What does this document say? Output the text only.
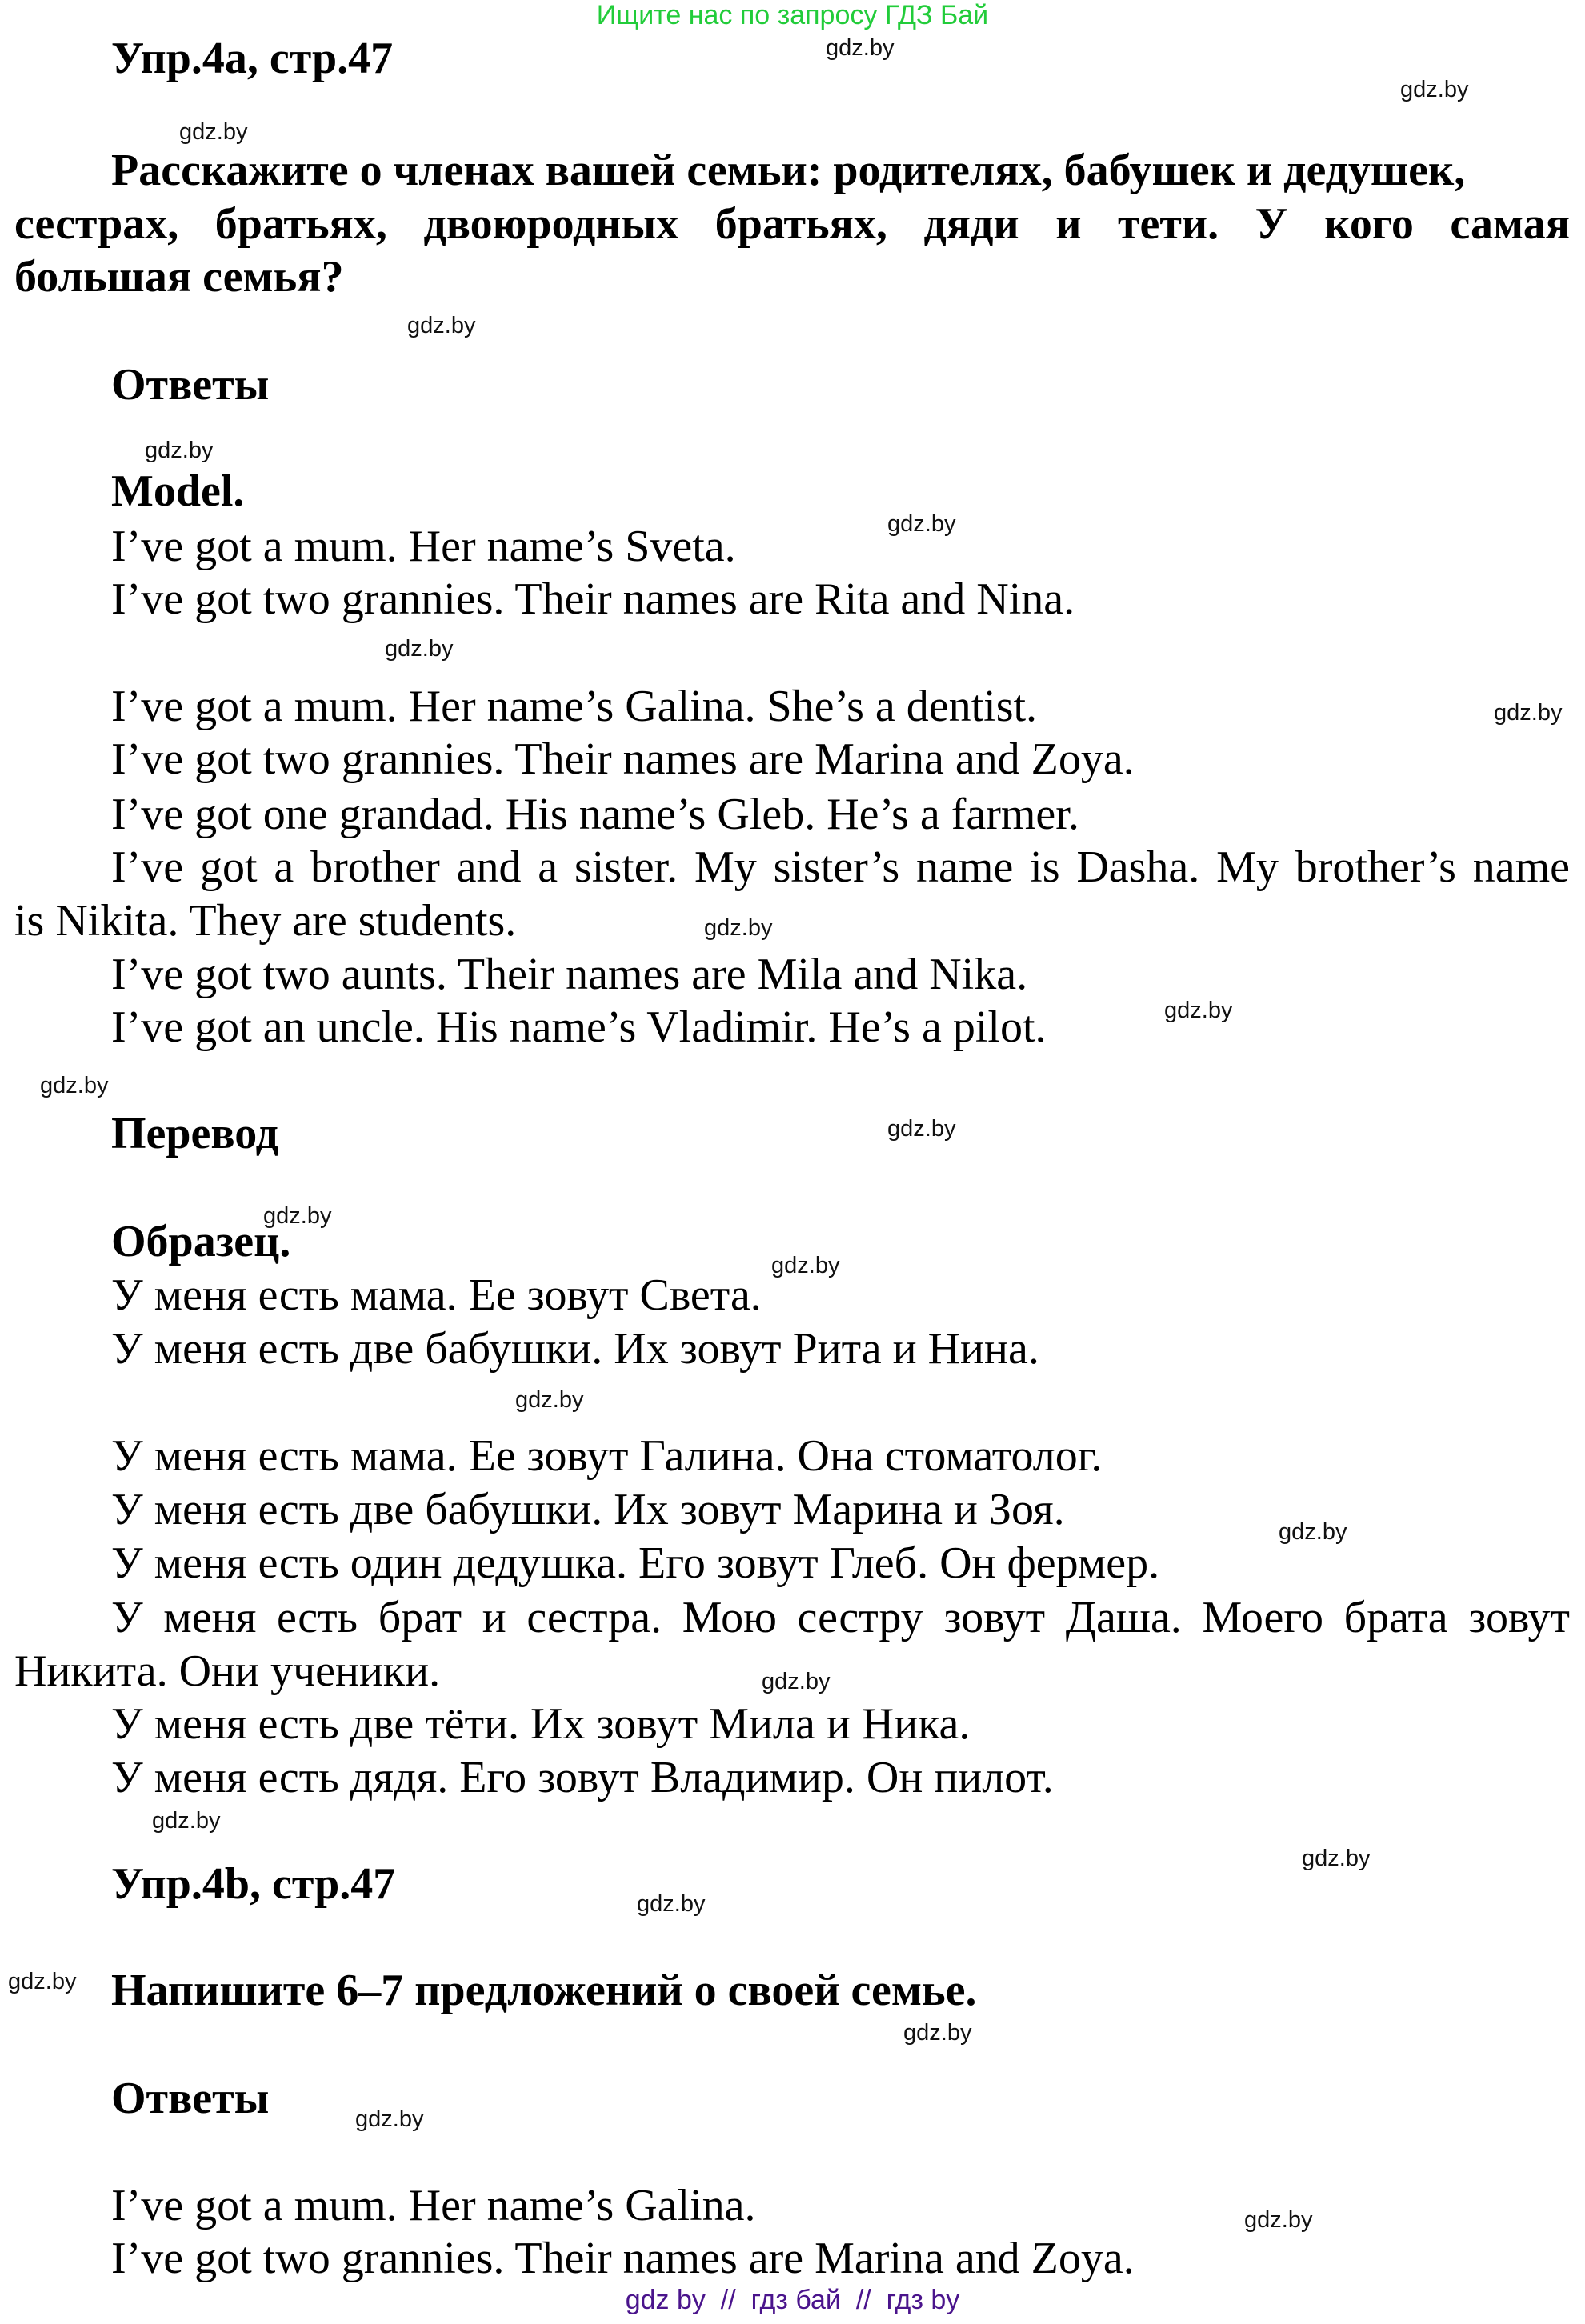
Ищите нас по запросу ГДЗ Бай
Упр.4a, стр.47
Расскажите о членах вашей семьи: родителях, бабушек и дедушек,
сестрах, братьях, двоюродных братьях, дяди и тети. У кого самая
большая семья?
Ответы
Model.
I’ve got a mum. Her name’s Sveta.
I’ve got two grannies. Their names are Rita and Nina.
I’ve got a mum. Her name’s Galina. She’s a dentist.
I’ve got two grannies. Their names are Marina and Zoya.
I’ve got one grandad. His name’s Gleb. He’s a farmer.
I’ve got a brother and a sister. My sister’s name is Dasha. My brother’s name
is Nikita. They are students.
I’ve got two aunts. Their names are Mila and Nika.
I’ve got an uncle. His name’s Vladimir. He’s a pilot.
Перевод
Образец.
У меня есть мама. Ее зовут Света.
У меня есть две бабушки. Их зовут Рита и Нина.
У меня есть мама. Ее зовут Галина. Она стоматолог.
У меня есть две бабушки. Их зовут Марина и Зоя.
У меня есть один дедушка. Его зовут Глеб. Он фермер.
У меня есть брат и сестра. Мою сестру зовут Даша. Моего брата зовут
Никита. Они ученики.
У меня есть две тёти. Их зовут Мила и Ника.
У меня есть дядя. Его зовут Владимир. Он пилот.
Упр.4b, стр.47
Напишите 6–7 предложений о своей семье.
Ответы
I’ve got a mum. Her name’s Galina.
I’ve got two grannies. Their names are Marina and Zoya.
gdz.by
gdz.by
gdz.by
gdz.by
gdz.by
gdz.by
gdz.by
gdz.by
gdz.by
gdz.by
gdz.by
gdz.by
gdz.by
gdz.by
gdz.by
gdz.by
gdz.by
gdz.by
gdz.by
gdz.by
gdz.by
gdz.by
gdz.by
gdz.by
gdz by  //  гдз бай  //  гдз by
